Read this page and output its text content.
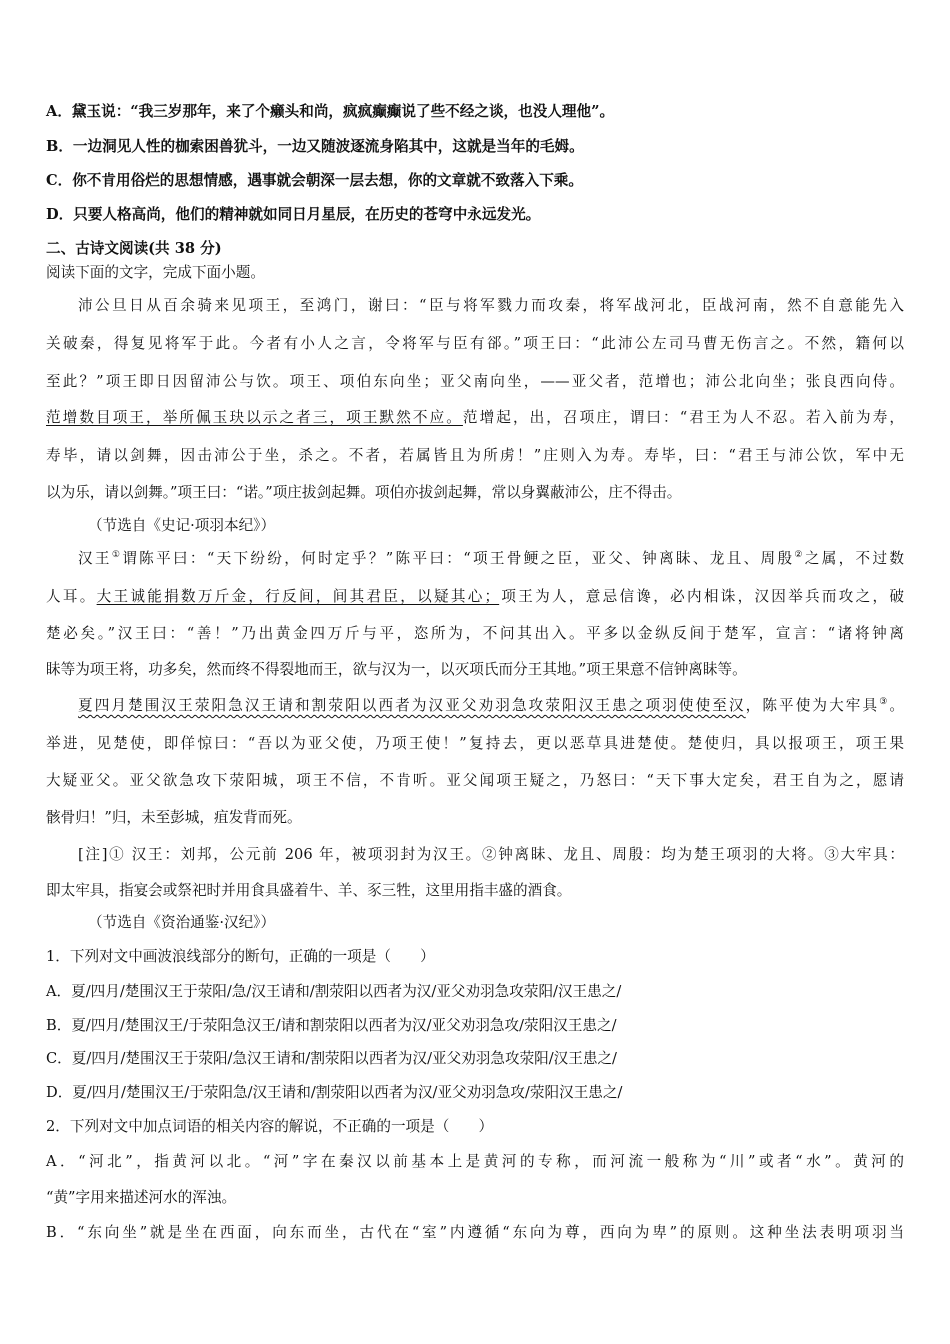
A．黛玉说：“我三岁那年，来了个癞头和尚，疯疯癫癫说了些不经之谈，也没人理他”。
B．一边洞见人性的枷索困兽犹斗，一边又随波逐流身陷其中，这就是当年的毛姆。
C．你不肯用俗烂的思想情感，遇事就会朝深一层去想，你的文章就不致落入下乘。
D．只要人格高尚，他们的精神就如同日月星辰，在历史的苍穹中永远发光。
二、古诗文阅读(共 38 分)
阅读下面的文字，完成下面小题。
沛公旦日从百余骑来见项王，至鸿门，谢曰：“臣与将军戮力而攻秦，将军战河北，臣战河南，然不自意能先入
关破秦，得复见将军于此。今者有小人之言，令将军与臣有郤。”项王曰：“此沛公左司马曹无伤言之。不然，籍何以
至此？”项王即日因留沛公与饮。项王、项伯东向坐；亚父南向坐，——亚父者，范增也；沛公北向坐；张良西向侍。
范增数目项王，举所佩玉玦以示之者三，项王默然不应。范增起，出，召项庄，谓曰：“君王为人不忍。若入前为寿，
寿毕，请以剑舞，因击沛公于坐，杀之。不者，若属皆且为所虏！”庄则入为寿。寿毕，曰：“君王与沛公饮，军中无
以为乐，请以剑舞。”项王曰：“诺。”项庄拔剑起舞。项伯亦拔剑起舞，常以身翼蔽沛公，庄不得击。
（节选自《史记·项羽本纪》）
汉王①谓陈平曰：“天下纷纷，何时定乎？”陈平曰：“项王骨鲠之臣，亚父、钟离眛、龙且、周殷②之属，不过数
人耳。大王诚能捐数万斤金，行反间，间其君臣，以疑其心；项王为人，意忌信谗，必内相诛，汉因举兵而攻之，破
楚必矣。”汉王曰：“善！”乃出黄金四万斤与平，恣所为，不问其出入。平多以金纵反间于楚军，宣言：“诸将钟离
眛等为项王将，功多矣，然而终不得裂地而王，欲与汉为一，以灭项氏而分王其地。”项王果意不信钟离眛等。
夏四月楚围汉王荥阳急汉王请和割荥阳以西者为汉亚父劝羽急攻荥阳汉王患之项羽使使至汉，陈平使为大牢具③。
举进，见楚使，即佯惊曰：“吾以为亚父使，乃项王使！”复持去，更以恶草具进楚使。楚使归，具以报项王，项王果
大疑亚父。亚父欲急攻下荥阳城，项王不信，不肯听。亚父闻项王疑之，乃怒曰：“天下事大定矣，君王自为之，愿请
骸骨归！”归，未至彭城，疽发背而死。
[注]① 汉王：刘邦，公元前 206 年，被项羽封为汉王。②钟离眛、龙且、周殷：均为楚王项羽的大将。③大牢具：
即太牢具，指宴会或祭祀时并用食具盛着牛、羊、豕三牲，这里用指丰盛的酒食。
（节选自《资治通鉴·汉纪》）
1．下列对文中画波浪线部分的断句，正确的一项是（　　）
A．夏/四月/楚围汉王于荥阳/急/汉王请和/割荥阳以西者为汉/亚父劝羽急攻荥阳/汉王患之/
B．夏/四月/楚围汉王/于荥阳急汉王/请和割荥阳以西者为汉/亚父劝羽急攻/荥阳汉王患之/
C．夏/四月/楚围汉王于荥阳/急汉王请和/割荥阳以西者为汉/亚父劝羽急攻荥阳/汉王患之/
D．夏/四月/楚围汉王/于荥阳急/汉王请和/割荥阳以西者为汉/亚父劝羽急攻/荥阳汉王患之/
2．下列对文中加点词语的相关内容的解说，不正确的一项是（　　）
A．“河北”，指黄河以北。“河”字在秦汉以前基本上是黄河的专称，而河流一般称为“川”或者“水”。黄河的
“黄”字用来描述河水的浑浊。
B．“东向坐”就是坐在西面，向东而坐，古代在“室”内遵循“东向为尊，西向为卑”的原则。这种坐法表明项羽当
